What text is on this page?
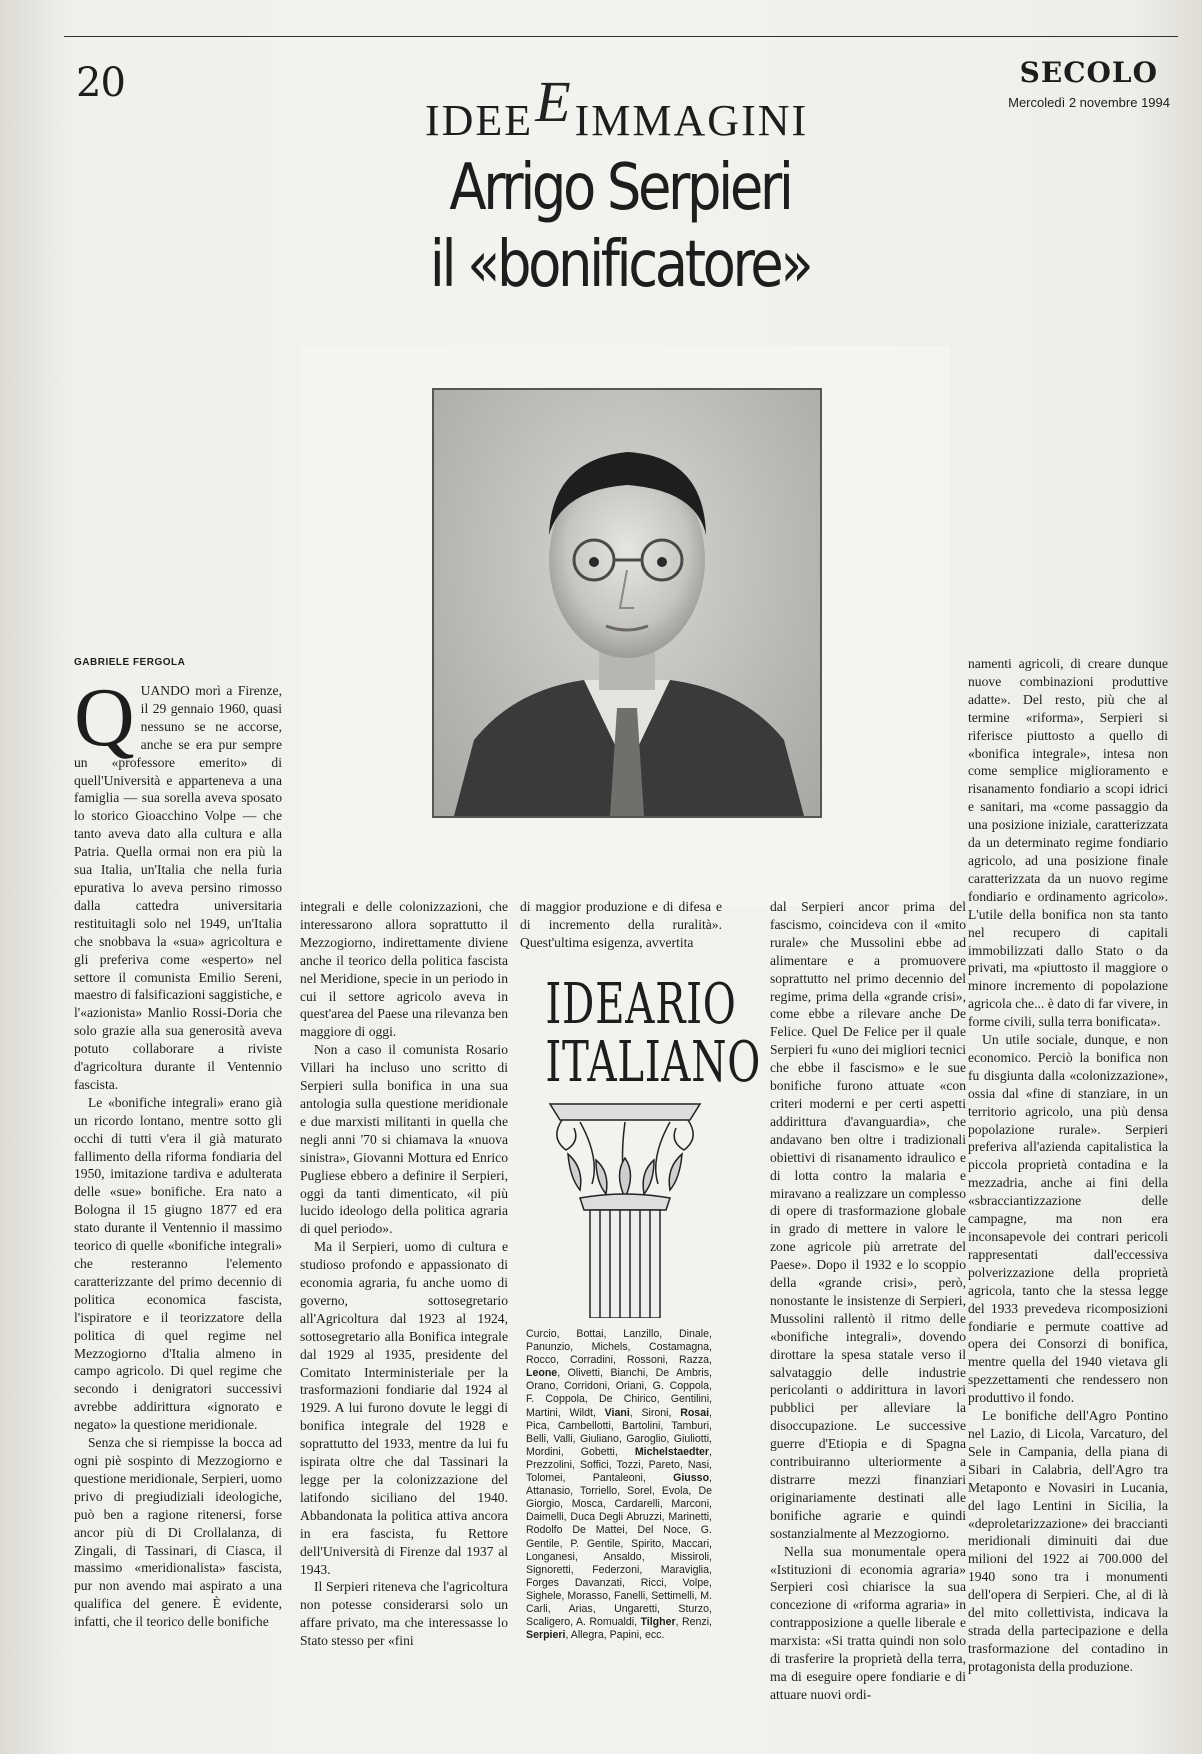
20
IDEEEIMMAGINI
SECOLO
Mercoledì 2 novembre 1994
Arrigo Serpieri
il «bonificatore»
GABRIELE FERGOLA

QUANDO morì a Firenze, il 29 gennaio 1960, quasi nessuno se ne accorse, anche se era pur sempre un «professore emerito» di quell'Università e apparteneva a una famiglia — sua sorella aveva sposato lo storico Gioacchino Volpe — che tanto aveva dato alla cultura e alla Patria. Quella ormai non era più la sua Italia, un'Italia che nella furia epurativa lo aveva persino rimosso dalla cattedra universitaria restituitagli solo nel 1949, un'Italia che snobbava la «sua» agricoltura e gli preferiva come «esperto» nel settore il comunista Emilio Sereni, maestro di falsificazioni saggistiche, e l'«azionista» Manlio Rossi-Doria che solo grazie alla sua generosità aveva potuto collaborare a riviste d'agricoltura durante il Ventennio fascista.

Le «bonifiche integrali» erano già un ricordo lontano, mentre sotto gli occhi di tutti v'era il già maturato fallimento della riforma fondiaria del 1950, imitazione tardiva e adulterata delle «sue» bonifiche. Era nato a Bologna il 15 giugno 1877 ed era stato durante il Ventennio il massimo teorico di quelle «bonifiche integrali» che resteranno l'elemento caratterizzante del primo decennio di politica economica fascista, l'ispiratore e il teorizzatore della politica di quel regime nel Mezzogiorno d'Italia almeno in campo agricolo. Di quel regime che secondo i denigratori successivi avrebbe addirittura «ignorato e negato» la questione meridionale.

Senza che si riempisse la bocca ad ogni piè sospinto di Mezzogiorno e questione meridionale, Serpieri, uomo privo di pregiudiziali ideologiche, può ben a ragione ritenersi, forse ancor più di Di Crollalanza, di Zingali, di Tassinari, di Ciasca, il massimo «meridionalista» fascista, pur non avendo mai aspirato a una qualifica del genere. È evidente, infatti, che il teorico delle bonifiche

integrali e delle colonizzazioni, che interessarono allora soprattutto il Mezzogiorno, indirettamente diviene anche il teorico della politica fascista nel Meridione, specie in un periodo in cui il settore agricolo aveva in quest'area del Paese una rilevanza ben maggiore di oggi.

Non a caso il comunista Rosario Villari ha incluso uno scritto di Serpieri sulla bonifica in una sua antologia sulla questione meridionale e due marxisti militanti in quella che negli anni '70 si chiamava la «nuova sinistra», Giovanni Mottura ed Enrico Pugliese ebbero a definire il Serpieri, oggi da tanti dimenticato, «il più lucido ideologo della politica agraria di quel periodo».

Ma il Serpieri, uomo di cultura e studioso profondo e appassionato di economia agraria, fu anche uomo di governo, sottosegretario all'Agricoltura dal 1923 al 1924, sottosegretario alla Bonifica integrale dal 1929 al 1935, presidente del Comitato Interministeriale per la trasformazioni fondiarie dal 1924 al 1929. A lui furono dovute le leggi di bonifica integrale del 1928 e soprattutto del 1933, mentre da lui fu ispirata oltre che dal Tassinari la legge per la colonizzazione del latifondo siciliano del 1940. Abbandonata la politica attiva ancora in era fascista, fu Rettore dell'Università di Firenze dal 1937 al 1943.

Il Serpieri riteneva che l'agricoltura non potesse considerarsi solo un affare privato, ma che interessasse lo Stato stesso per «fini

di maggior produzione e di difesa e di incremento della ruralità». Quest'ultima esigenza, avvertita

IDEARIO
ITALIANO
Curcio, Bottai, Lanzillo, Dinale, Panunzio, Michels, Costamagna, Rocco, Corradini, Rossoni, Razza, Leone, Olivetti, Bianchi, De Ambris, Orano, Corridoni, Oriani, G. Coppola, F. Coppola, De Chirico, Gentilini, Martini, Wildt, Viani, Sironi, Rosai, Pica, Cambellotti, Bartolini, Tamburi, Belli, Valli, Giuliano, Garoglio, Giuliotti, Mordini, Gobetti, Michelstaedter, Prezzolini, Soffici, Tozzi, Pareto, Nasi, Tolomei, Pantaleoni, Giusso, Attanasio, Torriello, Sorel, Evola, De Giorgio, Mosca, Cardarelli, Marconi, Daimelli, Duca Degli Abruzzi, Marinetti, Rodolfo De Mattei, Del Noce, G. Gentile, P. Gentile, Spirito, Maccari, Longanesi, Ansaldo, Missiroli, Signoretti, Federzoni, Maraviglia, Forges Davanzati, Ricci, Volpe, Sighele, Morasso, Fanelli, Settimelli, M. Carli, Arias, Ungaretti, Sturzo, Scaligero, A. Romualdi, Tilgher, Renzi, Serpieri, Allegra, Papini, ecc.

dal Serpieri ancor prima del fascismo, coincideva con il «mito rurale» che Mussolini ebbe ad alimentare e a promuovere soprattutto nel primo decennio del regime, prima della «grande crisi», come ebbe a rilevare anche De Felice. Quel De Felice per il quale Serpieri fu «uno dei migliori tecnici che ebbe il fascismo» e le sue bonifiche furono attuate «con criteri moderni e per certi aspetti addirittura d'avanguardia», che andavano ben oltre i tradizionali obiettivi di risanamento idraulico e di lotta contro la malaria e miravano a realizzare un complesso di opere di trasformazione globale in grado di mettere in valore le zone agricole più arretrate del Paese». Dopo il 1932 e lo scoppio della «grande crisi», però, nonostante le insistenze di Serpieri, Mussolini rallentò il ritmo delle «bonifiche integrali», dovendo dirottare la spesa statale verso il salvataggio delle industrie pericolanti o addirittura in lavori pubblici per alleviare la disoccupazione. Le successive guerre d'Etiopia e di Spagna contribuiranno ulteriormente a distrarre mezzi finanziari originariamente destinati alle bonifiche agrarie e quindi sostanzialmente al Mezzogiorno.

Nella sua monumentale opera «Istituzioni di economia agraria» Serpieri così chiarisce la sua concezione di «riforma agraria» in contrapposizione a quelle liberale e marxista: «Si tratta quindi non solo di trasferire la proprietà della terra, ma di eseguire opere fondiarie e di attuare nuovi ordi-

namenti agricoli, di creare dunque nuove combinazioni produttive adatte». Del resto, più che al termine «riforma», Serpieri si riferisce piuttosto a quello di «bonifica integrale», intesa non come semplice miglioramento e risanamento fondiario a scopi idrici e sanitari, ma «come passaggio da una posizione iniziale, caratterizzata da un determinato regime fondiario agricolo, ad una posizione finale caratterizzata da un nuovo regime fondiario e ordinamento agricolo». L'utile della bonifica non sta tanto nel recupero di capitali immobilizzati dallo Stato o da privati, ma «piuttosto il maggiore o minore incremento di popolazione agricola che... è dato di far vivere, in forme civili, sulla terra bonificata».

Un utile sociale, dunque, e non economico. Perciò la bonifica non fu disgiunta dalla «colonizzazione», ossia dal «fine di stanziare, in un territorio agricolo, una più densa popolazione rurale». Serpieri preferiva all'azienda capitalistica la piccola proprietà contadina e la mezzadria, anche ai fini della «sbracciantizzazione delle campagne, ma non era inconsapevole dei contrari pericoli rappresentati dall'eccessiva polverizzazione della proprietà agricola, tanto che la stessa legge del 1933 prevedeva ricomposizioni fondiarie e permute coattive ad opera dei Consorzi di bonifica, mentre quella del 1940 vietava gli spezzettamenti che rendessero non produttivo il fondo.

Le bonifiche dell'Agro Pontino nel Lazio, di Licola, Varcaturo, del Sele in Campania, della piana di Sibari in Calabria, dell'Agro tra Metaponto e Novasiri in Lucania, del lago Lentini in Sicilia, la «deproletarizzazione» dei braccianti meridionali diminuiti dai due milioni del 1922 ai 700.000 del 1940 sono tra i monumenti dell'opera di Serpieri. Che, al di là del mito collettivista, indicava la strada della partecipazione e della trasformazione del contadino in protagonista della produzione.
